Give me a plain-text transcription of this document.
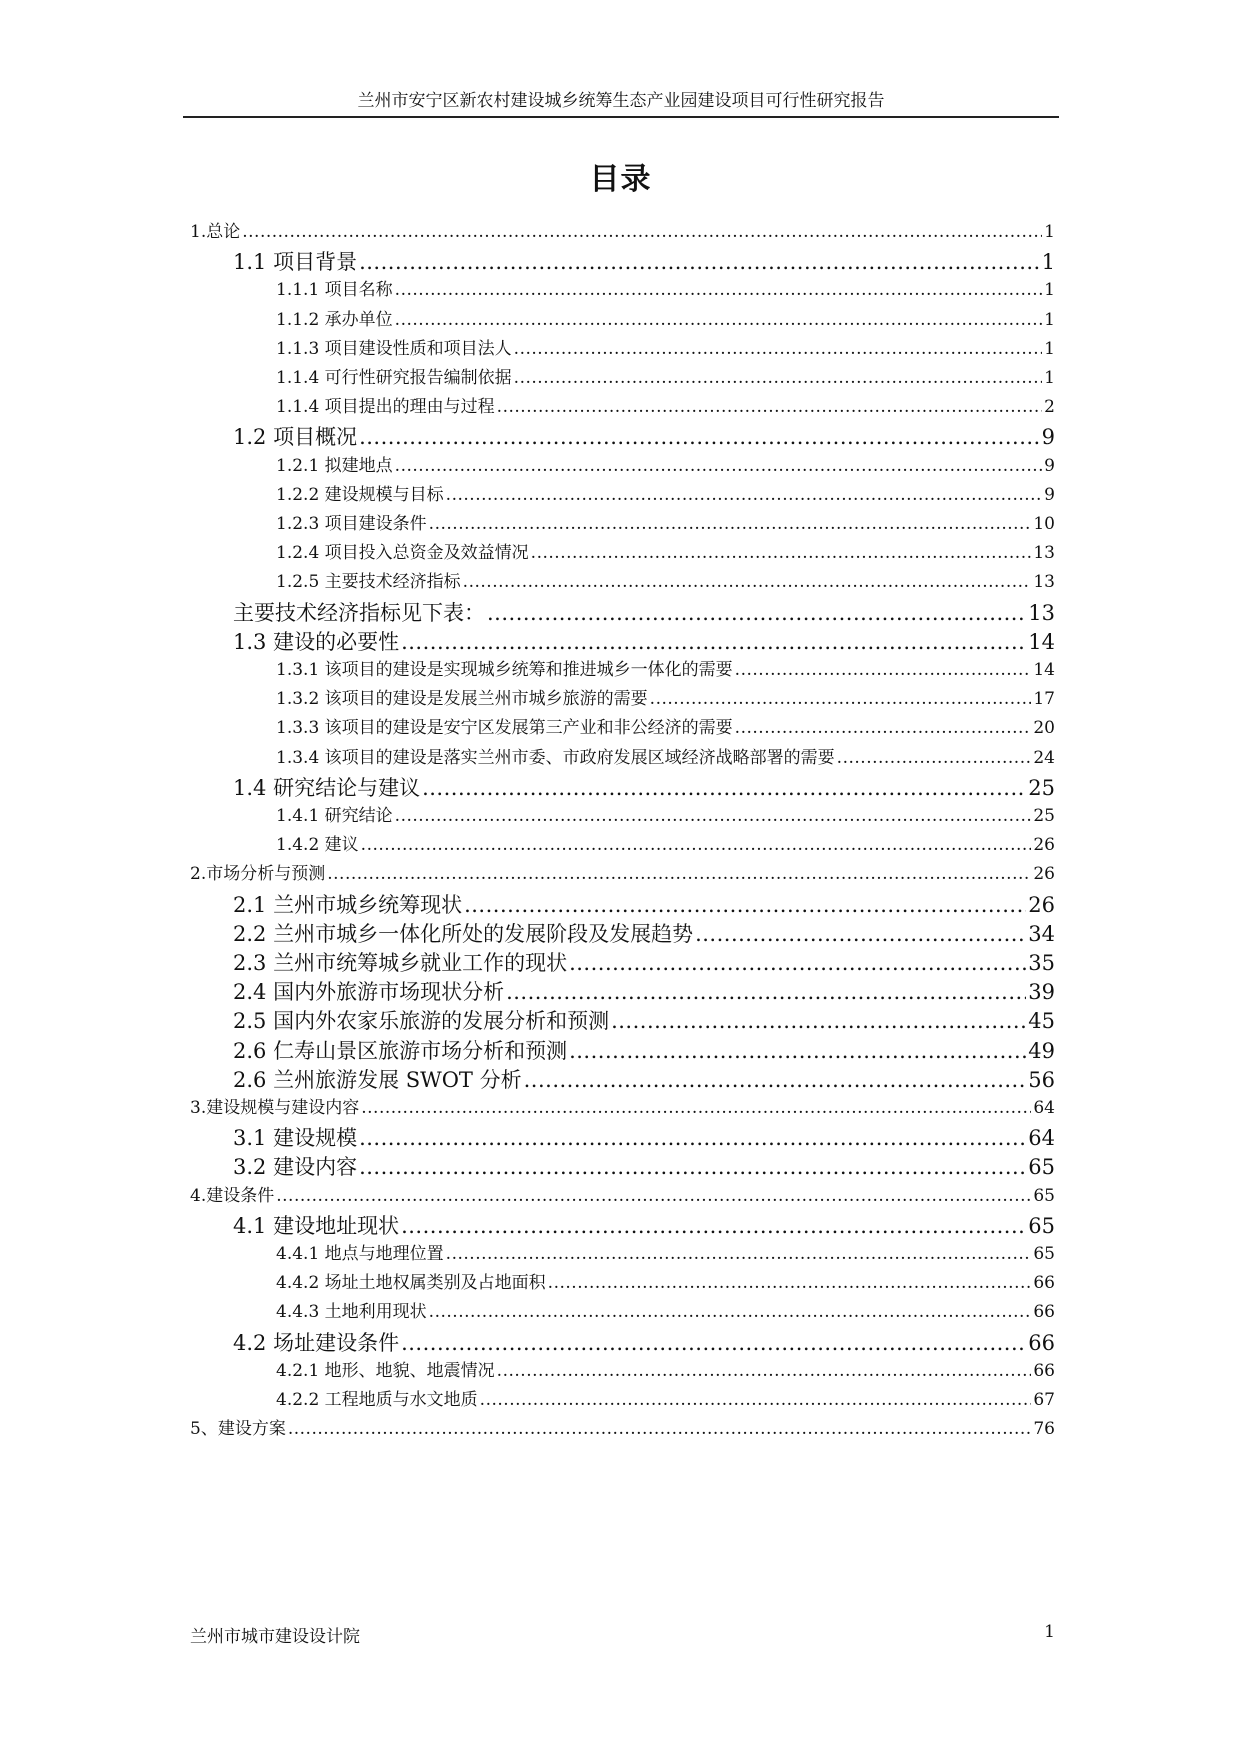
兰州市安宁区新农村建设城乡统筹生态产业园建设项目可行性研究报告
目录
1.总论 .....	1
1.1 项目背景 .....	1
1.1.1 项目名称 .....	1
1.1.2 承办单位 .....	1
1.1.3 项目建设性质和项目法人 .....	1
1.1.4 可行性研究报告编制依据 .....	1
1.1.4 项目提出的理由与过程 .....	2
1.2 项目概况 .....	9
1.2.1 拟建地点 .....	9
1.2.2 建设规模与目标 .....	9
1.2.3 项目建设条件 .....	10
1.2.4 项目投入总资金及效益情况 .....	13
1.2.5 主要技术经济指标 .....	13
主要技术经济指标见下表： .....	13
1.3 建设的必要性 .....	14
1.3.1 该项目的建设是实现城乡统筹和推进城乡一体化的需要 .....	14
1.3.2 该项目的建设是发展兰州市城乡旅游的需要 .....	17
1.3.3 该项目的建设是安宁区发展第三产业和非公经济的需要 .....	20
1.3.4 该项目的建设是落实兰州市委、市政府发展区域经济战略部署的需要 .....	24
1.4 研究结论与建议 .....	25
1.4.1 研究结论 .....	25
1.4.2 建议 .....	26
2.市场分析与预测 .....	26
2.1 兰州市城乡统筹现状 .....	26
2.2 兰州市城乡一体化所处的发展阶段及发展趋势 .....	34
2.3 兰州市统筹城乡就业工作的现状 .....	35
2.4 国内外旅游市场现状分析 .....	39
2.5 国内外农家乐旅游的发展分析和预测 .....	45
2.6 仁寿山景区旅游市场分析和预测 .....	49
2.6 兰州旅游发展 SWOT 分析 .....	56
3.建设规模与建设内容 .....	64
3.1 建设规模 .....	64
3.2 建设内容 .....	65
4.建设条件 .....	65
4.1 建设地址现状 .....	65
4.4.1 地点与地理位置 .....	65
4.4.2 场址土地权属类别及占地面积 .....	66
4.4.3 土地利用现状 .....	66
4.2 场址建设条件 .....	66
4.2.1 地形、地貌、地震情况 .....	66
4.2.2 工程地质与水文地质 .....	67
5、建设方案 .....	76
兰州市城市建设设计院	1
